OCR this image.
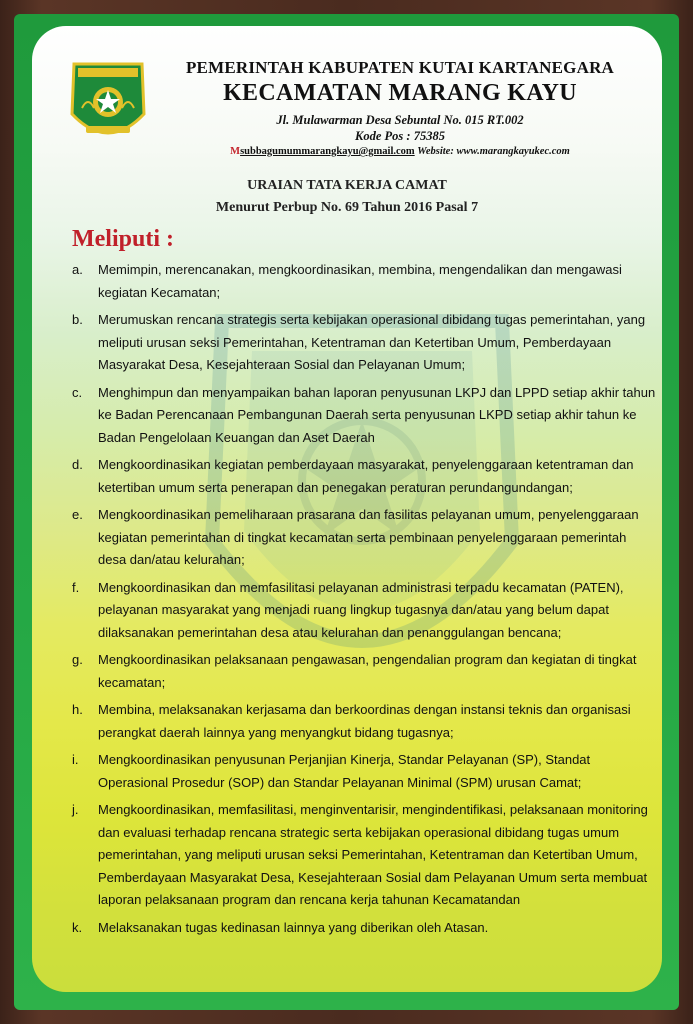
PEMERINTAH KABUPATEN KUTAI KARTANEGARA
KECAMATAN MARANG KAYU
Jl. Mulawarman Desa Sebuntal No. 015 RT.002
Kode Pos : 75385
Msubbagumummarangkayu@gmail.com Website: www.marangkayukec.com
URAIAN TATA KERJA CAMAT
Menurut Perbup No. 69 Tahun 2016 Pasal 7
Meliputi :
a.	Memimpin, merencanakan, mengkoordinasikan, membina, mengendalikan dan mengawasi kegiatan Kecamatan;
b.	Merumuskan rencana strategis serta kebijakan operasional dibidang tugas pemerintahan, yang meliputi urusan seksi Pemerintahan, Ketentraman dan Ketertiban Umum, Pemberdayaan Masyarakat Desa, Kesejahteraan Sosial dan Pelayanan Umum;
c.	Menghimpun dan menyampaikan bahan laporan penyusunan LKPJ dan LPPD setiap akhir tahun ke Badan Perencanaan Pembangunan Daerah serta penyusunan LKPD setiap akhir tahun ke Badan Pengelolaan Keuangan dan Aset Daerah
d.	Mengkoordinasikan kegiatan pemberdayaan masyarakat, penyelenggaraan ketentraman dan ketertiban umum serta penerapan dan penegakan peraturan perundangundangan;
e.	Mengkoordinasikan pemeliharaan prasarana dan fasilitas pelayanan umum, penyelenggaraan kegiatan pemerintahan di tingkat kecamatan serta pembinaan penyelenggaraan pemerintah desa dan/atau kelurahan;
f.	Mengkoordinasikan dan memfasilitasi pelayanan administrasi terpadu kecamatan (PATEN), pelayanan masyarakat yang menjadi ruang lingkup tugasnya dan/atau yang belum dapat dilaksanakan pemerintahan desa atau kelurahan dan penanggulangan bencana;
g.	Mengkoordinasikan pelaksanaan pengawasan, pengendalian program dan kegiatan di tingkat kecamatan;
h.	Membina, melaksanakan kerjasama dan berkoordinas dengan instansi teknis dan organisasi perangkat daerah lainnya yang menyangkut bidang tugasnya;
i.	Mengkoordinasikan penyusunan Perjanjian Kinerja, Standar Pelayanan (SP), Standat Operasional Prosedur (SOP) dan Standar Pelayanan Minimal (SPM) urusan Camat;
j.	Mengkoordinasikan, memfasilitasi, menginventarisir, mengindentifikasi, pelaksanaan monitoring dan evaluasi terhadap rencana strategic serta kebijakan operasional dibidang tugas umum pemerintahan, yang meliputi urusan seksi Pemerintahan, Ketentraman dan Ketertiban Umum, Pemberdayaan Masyarakat Desa, Kesejahteraan Sosial dam Pelayanan Umum serta membuat laporan pelaksanaan program dan rencana kerja tahunan Kecamatandan
k.	Melaksanakan tugas kedinasan lainnya yang diberikan oleh Atasan.
